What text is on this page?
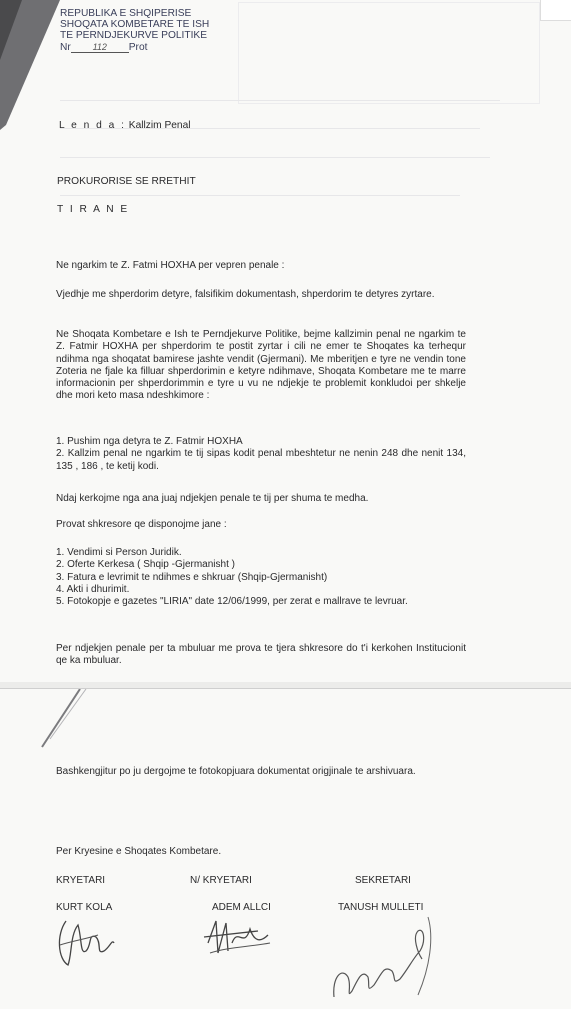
REPUBLIKA E SHQIPERISE
SHOQATA KOMBETARE TE ISH
TE PERNDJEKURVE POLITIKE
Nr 112 Prot
L e n d a : Kallzim Penal
PROKURORISE SE RRETHIT
T I R A N E
Ne ngarkim te Z. Fatmi HOXHA per vepren penale :
Vjedhje me shperdorim detyre, falsifikim dokumentash, shperdorim te detyres zyrtare.
Ne Shoqata Kombetare e Ish te Perndjekurve Politike, bejme kallzimin penal ne ngarkim te Z. Fatmir HOXHA per shperdorim te postit zyrtar i cili ne emer te Shoqates ka terhequr ndihma nga shoqatat bamirese jashte vendit (Gjermani). Me mberitjen e tyre ne vendin tone Zoteria ne fjale ka filluar shperdorimin e ketyre ndihmave, Shoqata Kombetare me te marre informacionin per shperdorimmin e tyre u vu ne ndjekje te problemit konkludoi per shkelje dhe mori keto masa ndeshkimore :
1. Pushim nga detyra te Z. Fatmir HOXHA
2. Kallzim penal ne ngarkim te tij sipas kodit penal mbeshtetur ne nenin 248 dhe nenit 134, 135 , 186 , te ketij kodi.
Ndaj kerkojme nga ana juaj ndjekjen penale te tij per shuma te medha.
Provat shkresore qe disponojme jane :
1. Vendimi si Person Juridik.
2. Oferte Kerkesa ( Shqip -Gjermanisht )
3. Fatura e levrimit te ndihmes e shkruar (Shqip-Gjermanisht)
4. Akti i dhurimit.
5. Fotokopje e gazetes "LIRIA" date 12/06/1999, per zerat e mallrave te levruar.
Per ndjekjen penale per ta mbuluar me prova te tjera shkresore do t'i kerkohen Institucionit qe ka mbuluar.
Bashkengjitur po ju dergojme te fotokopjuara dokumentat origjinale te arshivuara.
Per Kryesine e Shoqates Kombetare.
KRYETARI	N/ KRYETARI	SEKRETARI
KURT KOLA	ADEM ALLCI	TANUSH MULLETI
